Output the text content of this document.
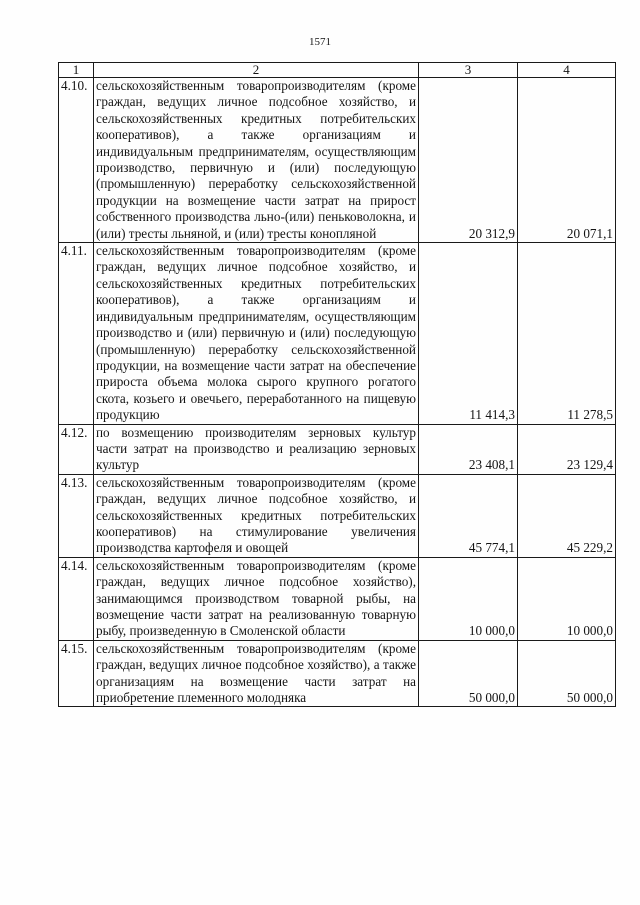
1571
1	2	3	4
4.10.	сельскохозяйственным товаропроизводителям (кроме граждан, ведущих личное подсобное хозяйство, и сельскохозяйственных кредитных потребительских кооперативов), а также организациям и индивидуальным предпринимателям, осуществляющим производство, первичную и (или) последующую (промышленную) переработку сельскохозяйственной продукции на возмещение части затрат на прирост собственного производства льно-(или) пеньковолокна, и (или) тресты льняной, и (или) тресты конопляной	20 312,9	20 071,1
4.11.	сельскохозяйственным товаропроизводителям (кроме граждан, ведущих личное подсобное хозяйство, и сельскохозяйственных кредитных потребительских кооперативов), а также организациям и индивидуальным предпринимателям, осуществляющим производство и (или) первичную и (или) последующую (промышленную) переработку сельскохозяйственной продукции, на возмещение части затрат на обеспечение прироста объема молока сырого крупного рогатого скота, козьего и овечьего, переработанного на пищевую продукцию	11 414,3	11 278,5
4.12.	по возмещению производителям зерновых культур части затрат на производство и реализацию зерновых культур	23 408,1	23 129,4
4.13.	сельскохозяйственным товаропроизводителям (кроме граждан, ведущих личное подсобное хозяйство, и сельскохозяйственных кредитных потребительских кооперативов) на стимулирование увеличения производства картофеля и овощей	45 774,1	45 229,2
4.14.	сельскохозяйственным товаропроизводителям (кроме граждан, ведущих личное подсобное хозяйство), занимающимся производством товарной рыбы, на возмещение части затрат на реализованную товарную рыбу, произведенную в Смоленской области	10 000,0	10 000,0
4.15.	сельскохозяйственным товаропроизводителям (кроме граждан, ведущих личное подсобное хозяйство), а также организациям на возмещение части затрат на приобретение племенного молодняка	50 000,0	50 000,0
